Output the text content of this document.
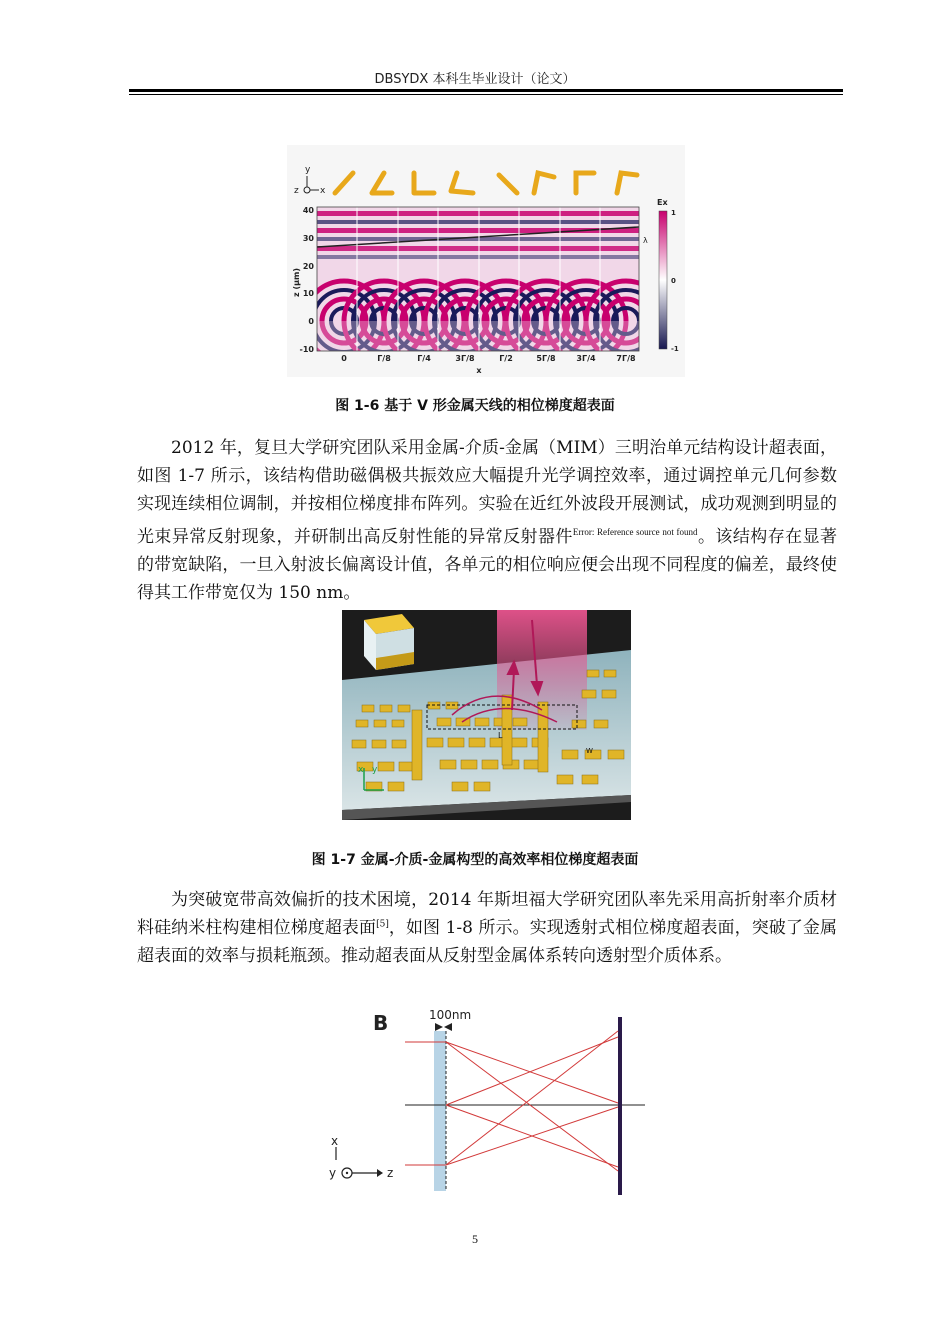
DBSYDX 本科生毕业设计（论文）
y
z x
40
30
20
10
0
-10
z (μm)
0	Γ/8	Γ/4	3Γ/8	Γ/2	5Γ/8	3Γ/4	7Γ/8
x
λ
Ex
1
0
-1
图 1-6 基于 V 形金属天线的相位梯度超表面
2012 年，复旦大学研究团队采用金属-介质-金属（MIM）三明治单元结构设计超表面，如图 1-7 所示，该结构借助磁偶极共振效应大幅提升光学调控效率，通过调控单元几何参数实现连续相位调制，并按相位梯度排布阵列。实验在近红外波段开展测试，成功观测到明显的光束异常反射现象，并研制出高反射性能的异常反射器件$^{Error: Reference source not found}$。该结构存在显著的带宽缺陷，一旦入射波长偏离设计值，各单元的相位响应便会出现不同程度的偏差，最终使得其工作带宽仅为 150 nm。
L
W
x y
图 1-7 金属-介质-金属构型的高效率相位梯度超表面
为突破宽带高效偏折的技术困境，2014 年斯坦福大学研究团队率先采用高折射率介质材料硅纳米柱构建相位梯度超表面[5]，如图 1-8 所示。实现透射式相位梯度超表面，突破了金属超表面的效率与损耗瓶颈。推动超表面从反射型金属体系转向透射型介质体系。
B	100nm
x
y	z
5
